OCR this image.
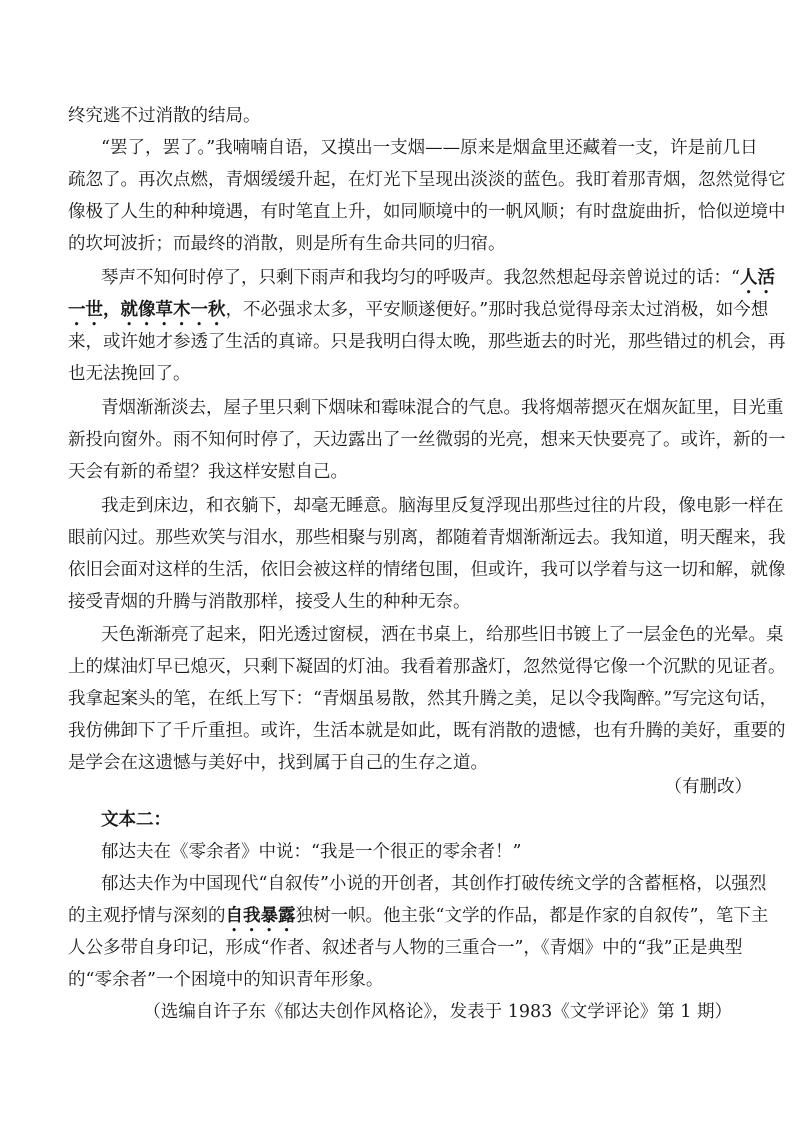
终究逃不过消散的结局。
“罢了，罢了。”我喃喃自语，又摸出一支烟——原来是烟盒里还藏着一支，许是前几日
疏忽了。再次点燃，青烟缓缓升起，在灯光下呈现出淡淡的蓝色。我盯着那青烟，忽然觉得它
像极了人生的种种境遇，有时笔直上升，如同顺境中的一帆风顺；有时盘旋曲折，恰似逆境中
的坎坷波折；而最终的消散，则是所有生命共同的归宿。
琴声不知何时停了，只剩下雨声和我均匀的呼吸声。我忽然想起母亲曾说过的话：“人活
一世，就像草木一秋，不必强求太多，平安顺遂便好。”那时我总觉得母亲太过消极，如今想
来，或许她才参透了生活的真谛。只是我明白得太晚，那些逝去的时光，那些错过的机会，再
也无法挽回了。
青烟渐渐淡去，屋子里只剩下烟味和霉味混合的气息。我将烟蒂摁灭在烟灰缸里，目光重
新投向窗外。雨不知何时停了，天边露出了一丝微弱的光亮，想来天快要亮了。或许，新的一
天会有新的希望？我这样安慰自己。
我走到床边，和衣躺下，却毫无睡意。脑海里反复浮现出那些过往的片段，像电影一样在
眼前闪过。那些欢笑与泪水，那些相聚与别离，都随着青烟渐渐远去。我知道，明天醒来，我
依旧会面对这样的生活，依旧会被这样的情绪包围，但或许，我可以学着与这一切和解，就像
接受青烟的升腾与消散那样，接受人生的种种无奈。
天色渐渐亮了起来，阳光透过窗棂，洒在书桌上，给那些旧书镀上了一层金色的光晕。桌
上的煤油灯早已熄灭，只剩下凝固的灯油。我看着那盏灯，忽然觉得它像一个沉默的见证者。
我拿起案头的笔，在纸上写下：“青烟虽易散，然其升腾之美，足以令我陶醉。”写完这句话，
我仿佛卸下了千斤重担。或许，生活本就是如此，既有消散的遗憾，也有升腾的美好，重要的
是学会在这遗憾与美好中，找到属于自己的生存之道。
（有删改）
文本二：
郁达夫在《零余者》中说：“我是一个很正的零余者！”
郁达夫作为中国现代“自叙传”小说的开创者，其创作打破传统文学的含蓄框格，以强烈
的主观抒情与深刻的自我暴露独树一帜。他主张“文学的作品，都是作家的自叙传”，笔下主
人公多带自身印记，形成“作者、叙述者与人物的三重合一”，《青烟》中的“我”正是典型
的“零余者”一个困境中的知识青年形象。
（选编自许子东《郁达夫创作风格论》，发表于 1983《文学评论》第 1 期）
